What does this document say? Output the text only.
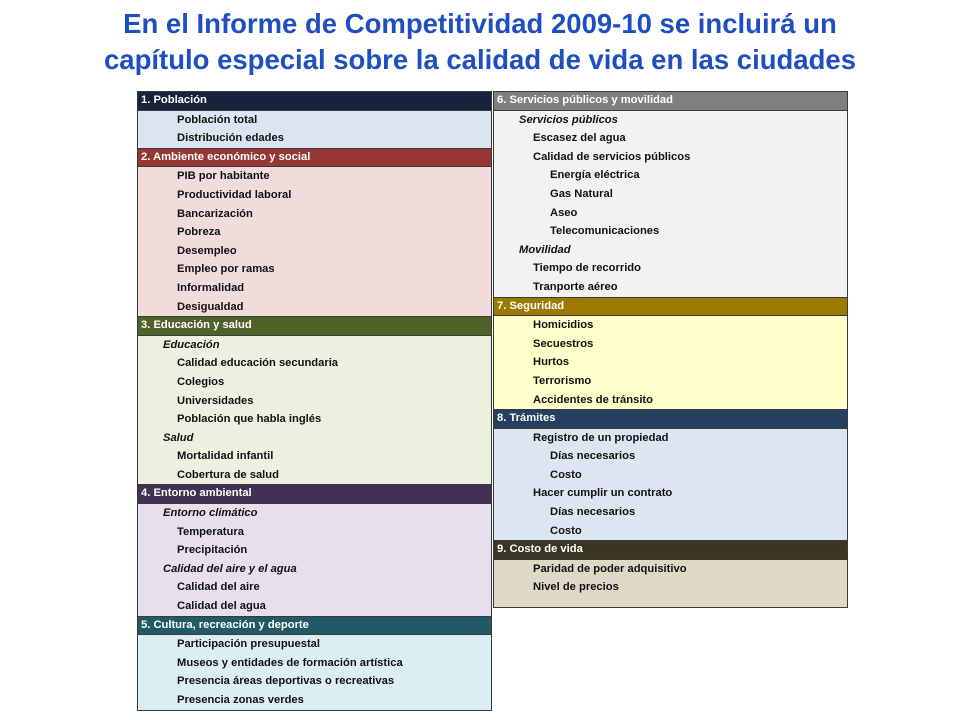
En el Informe de Competitividad 2009-10 se incluirá un
capítulo especial sobre la calidad de vida en las ciudades
1. Población
Población total
Distribución edades
2. Ambiente económico y social
PIB por habitante
Productividad laboral
Bancarización
Pobreza
Desempleo
Empleo por ramas
Informalidad
Desigualdad
3. Educación y salud
Educación
Calidad educación secundaria
Colegios
Universidades
Población que habla inglés
Salud
Mortalidad infantil
Cobertura de salud
4. Entorno ambiental
Entorno climático
Temperatura
Precipitación
Calidad del aire y el agua
Calidad del aire
Calidad del agua
5. Cultura, recreación y deporte
Participación presupuestal
Museos y entidades de formación artística
Presencia áreas deportivas o recreativas
Presencia zonas verdes
6. Servicios públicos y movilidad
Servicios públicos
Escasez del agua
Calidad de servicios públicos
Energía eléctrica
Gas Natural
Aseo
Telecomunicaciones
Movilidad
Tiempo de recorrido
Tranporte aéreo
7. Seguridad
Homicidios
Secuestros
Hurtos
Terrorismo
Accidentes de tránsito
8. Trámites
Registro de un propiedad
Días necesarios
Costo
Hacer cumplir un contrato
Días necesarios
Costo
9. Costo de vida
Paridad de poder adquisitivo
Nivel de precios
